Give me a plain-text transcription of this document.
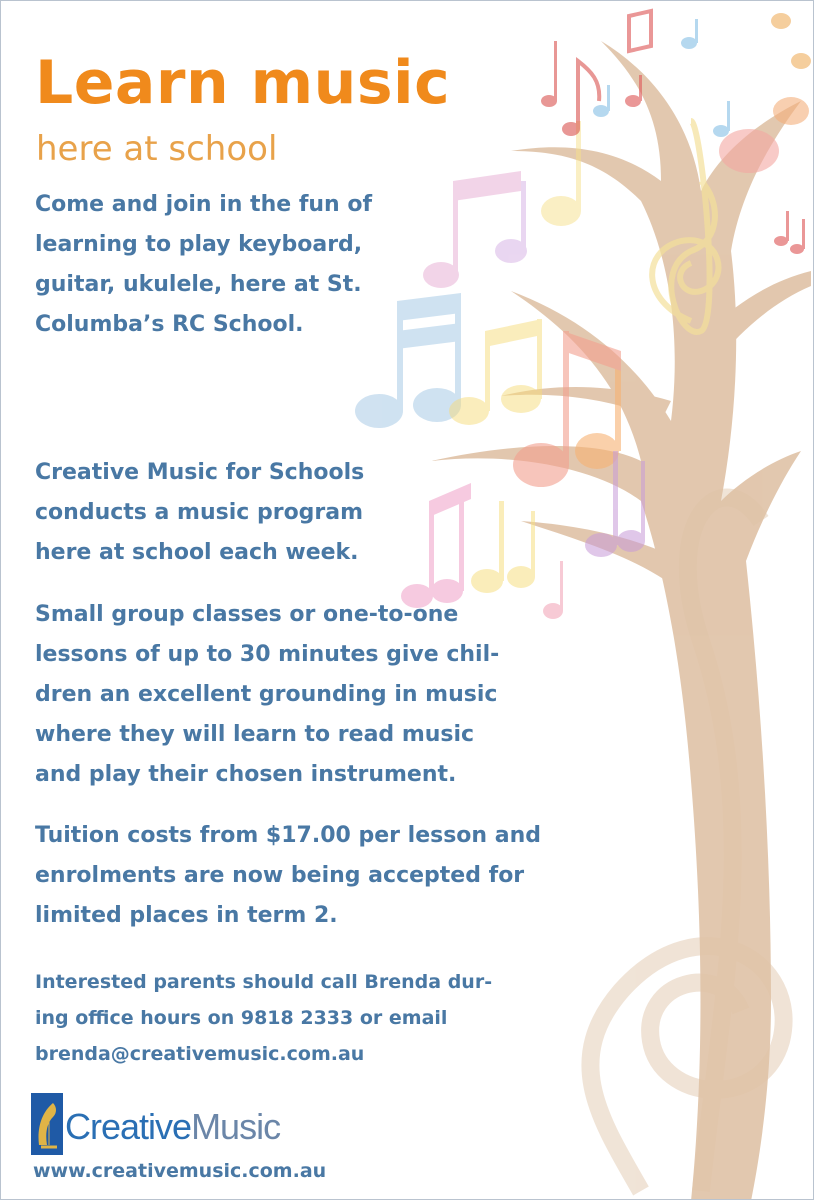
Learn music
here at school

Come and join in the fun of
learning to play keyboard,
guitar, ukulele, here at St.
Columba’s RC School.

Creative Music for Schools
conducts a music program
here at school each week.

Small group classes or one-to-one
lessons of up to 30 minutes give chil-
dren an excellent grounding in music
where they will learn to read music
and play their chosen instrument.

Tuition costs from $17.00 per lesson and
enrolments are now being accepted for
limited places in term 2.

Interested parents should call Brenda dur-
ing office hours on 9818 2333 or email
brenda@creativemusic.com.au

CreativeMusic

www.creativemusic.com.au
